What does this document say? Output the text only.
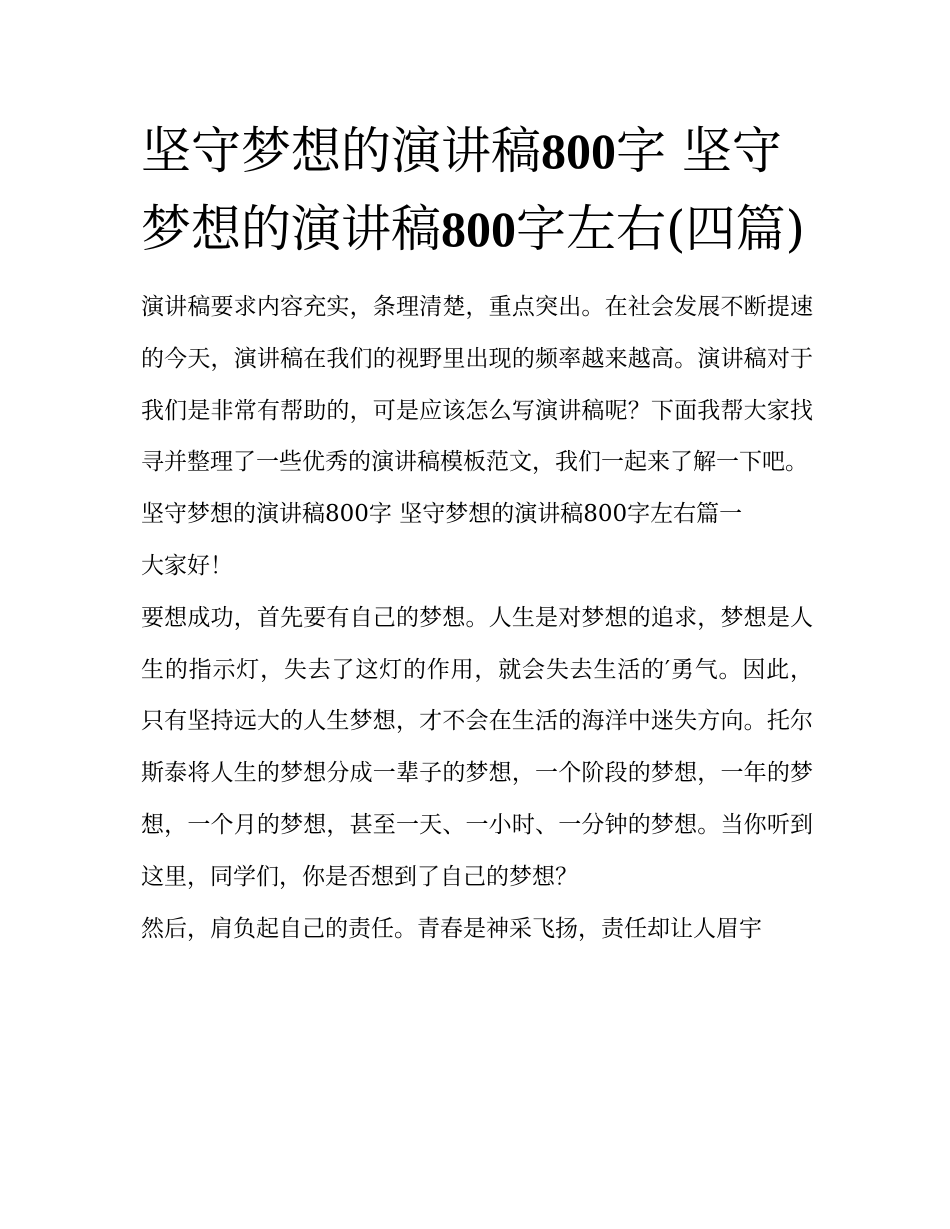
坚守梦想的演讲稿800字 坚守梦想的演讲稿800字左右(四篇)

演讲稿要求内容充实，条理清楚，重点突出。在社会发展不断提速的今天，演讲稿在我们的视野里出现的频率越来越高。演讲稿对于我们是非常有帮助的，可是应该怎么写演讲稿呢？下面我帮大家找寻并整理了一些优秀的演讲稿模板范文，我们一起来了解一下吧。

坚守梦想的演讲稿800字 坚守梦想的演讲稿800字左右篇一

大家好！

要想成功，首先要有自己的梦想。人生是对梦想的追求，梦想是人生的指示灯，失去了这灯的作用，就会失去生活的′勇气。因此，只有坚持远大的人生梦想，才不会在生活的海洋中迷失方向。托尔斯泰将人生的梦想分成一辈子的梦想，一个阶段的梦想，一年的梦想，一个月的梦想，甚至一天、一小时、一分钟的梦想。当你听到这里，同学们，你是否想到了自己的梦想？

然后，肩负起自己的责任。青春是神采飞扬，责任却让人眉宇
